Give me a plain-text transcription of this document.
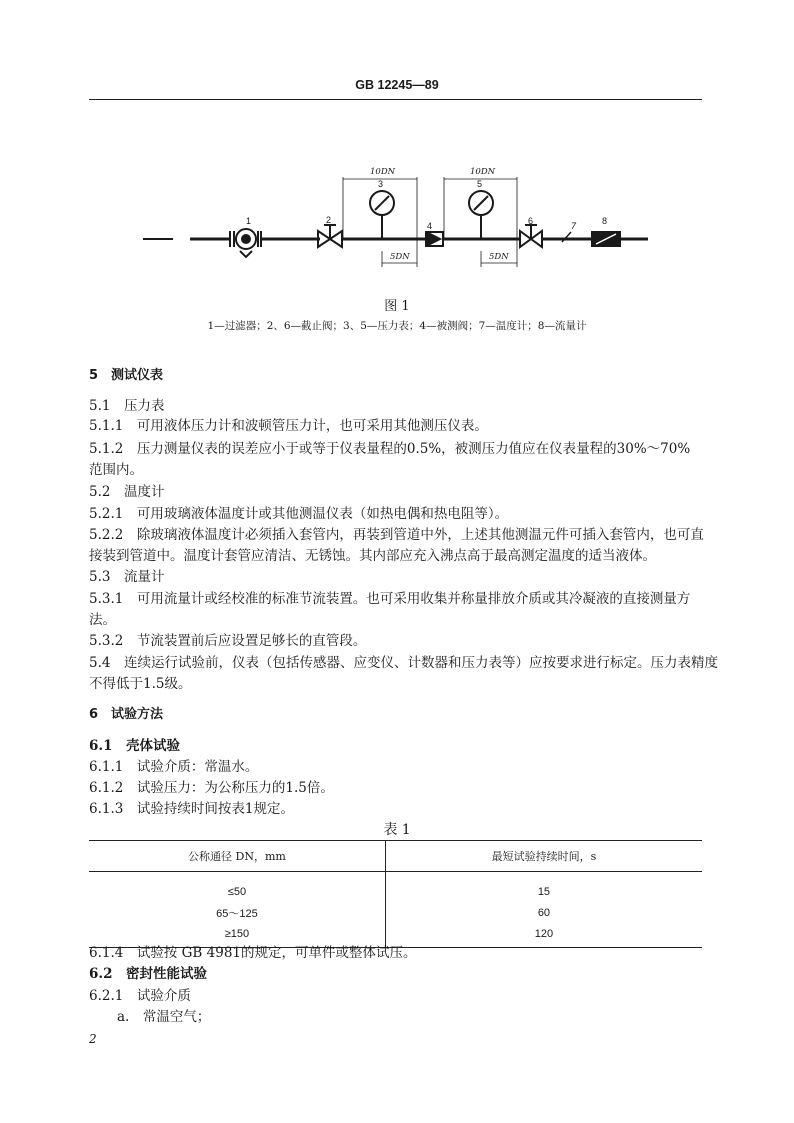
GB 12245—89
10DN	10DN
5DN	5DN
1	2
3
4
5
6	7	8
图 1
1—过滤器；2、6—截止阀；3、5—压力表；4—被测阀；7—温度计；8—流量计
5　测试仪表
5.1　压力表
5.1.1　可用液体压力计和波顿管压力计，也可采用其他测压仪表。
5.1.2　压力测量仪表的误差应小于或等于仪表量程的0.5%，被测压力值应在仪表量程的30%～70%
范围内。
5.2　温度计
5.2.1　可用玻璃液体温度计或其他测温仪表（如热电偶和热电阻等）。
5.2.2　除玻璃液体温度计必须插入套管内，再装到管道中外，上述其他测温元件可插入套管内，也可直
接装到管道中。温度计套管应清洁、无锈蚀。其内部应充入沸点高于最高测定温度的适当液体。
5.3　流量计
5.3.1　可用流量计或经校准的标准节流装置。也可采用收集并称量排放介质或其冷凝液的直接测量方
法。
5.3.2　节流装置前后应设置足够长的直管段。
5.4　连续运行试验前，仪表（包括传感器、应变仪、计数器和压力表等）应按要求进行标定。压力表精度
不得低于1.5级。
6　试验方法
6.1　壳体试验
6.1.1　试验介质：常温水。
6.1.2　试验压力：为公称压力的1.5倍。
6.1.3　试验持续时间按表1规定。
表 1
公称通径 DN，mm	最短试验持续时间，s
≤50	15
65～125	60
≥150	120
6.1.4　试验按 GB 4981的规定，可单件或整体试压。
6.2　密封性能试验
6.2.1　试验介质
a.　常温空气；
2
